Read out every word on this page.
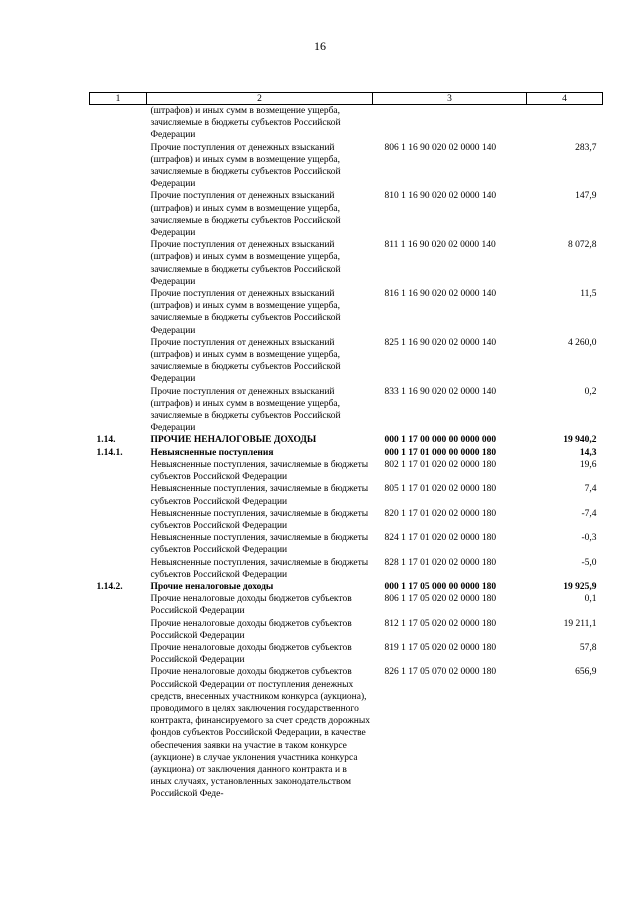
16
1	2	3	4
	(штрафов) и иных сумм в возмещение ущерба, зачисляемые в бюджеты субъектов Российской Федерации		
	Прочие поступления от денежных взысканий (штрафов) и иных сумм в возмещение ущерба, зачисляемые в бюджеты субъектов Российской Федерации	806 1 16 90 020 02 0000 140	283,7
	Прочие поступления от денежных взысканий (штрафов) и иных сумм в возмещение ущерба, зачисляемые в бюджеты субъектов Российской Федерации	810 1 16 90 020 02 0000 140	147,9
	Прочие поступления от денежных взысканий (штрафов) и иных сумм в возмещение ущерба, зачисляемые в бюджеты субъектов Российской Федерации	811 1 16 90 020 02 0000 140	8 072,8
	Прочие поступления от денежных взысканий (штрафов) и иных сумм в возмещение ущерба, зачисляемые в бюджеты субъектов Российской Федерации	816 1 16 90 020 02 0000 140	11,5
	Прочие поступления от денежных взысканий (штрафов) и иных сумм в возмещение ущерба, зачисляемые в бюджеты субъектов Российской Федерации	825 1 16 90 020 02 0000 140	4 260,0
	Прочие поступления от денежных взысканий (штрафов) и иных сумм в возмещение ущерба, зачисляемые в бюджеты субъектов Российской Федерации	833 1 16 90 020 02 0000 140	0,2
1.14.	ПРОЧИЕ НЕНАЛОГОВЫЕ ДОХОДЫ	000 1 17 00 000 00 0000 000	19 940,2
1.14.1.	Невыясненные поступления	000 1 17 01 000 00 0000 180	14,3
	Невыясненные поступления, зачисляемые в бюджеты субъектов Российской Федерации	802 1 17 01 020 02 0000 180	19,6
	Невыясненные поступления, зачисляемые в бюджеты субъектов Российской Федерации	805 1 17 01 020 02 0000 180	7,4
	Невыясненные поступления, зачисляемые в бюджеты субъектов Российской Федерации	820 1 17 01 020 02 0000 180	-7,4
	Невыясненные поступления, зачисляемые в бюджеты субъектов Российской Федерации	824 1 17 01 020 02 0000 180	-0,3
	Невыясненные поступления, зачисляемые в бюджеты субъектов Российской Федерации	828 1 17 01 020 02 0000 180	-5,0
1.14.2.	Прочие неналоговые доходы	000 1 17 05 000 00 0000 180	19 925,9
	Прочие неналоговые доходы бюджетов субъектов Российской Федерации	806 1 17 05 020 02 0000 180	0,1
	Прочие неналоговые доходы бюджетов субъектов Российской Федерации	812 1 17 05 020 02 0000 180	19 211,1
	Прочие неналоговые доходы бюджетов субъектов Российской Федерации	819 1 17 05 020 02 0000 180	57,8
	Прочие неналоговые доходы бюджетов субъектов Российской Федерации от поступления денежных средств, внесенных участником конкурса (аукциона), проводимого в целях заключения государственного контракта, финансируемого за счет средств дорожных фондов субъектов Российской Федерации, в качестве обеспечения заявки на участие в таком конкурсе (аукционе) в случае уклонения участника конкурса (аукциона) от заключения данного контракта и в иных случаях, установленных законодательством Российской Феде-	826 1 17 05 070 02 0000 180	656,9
